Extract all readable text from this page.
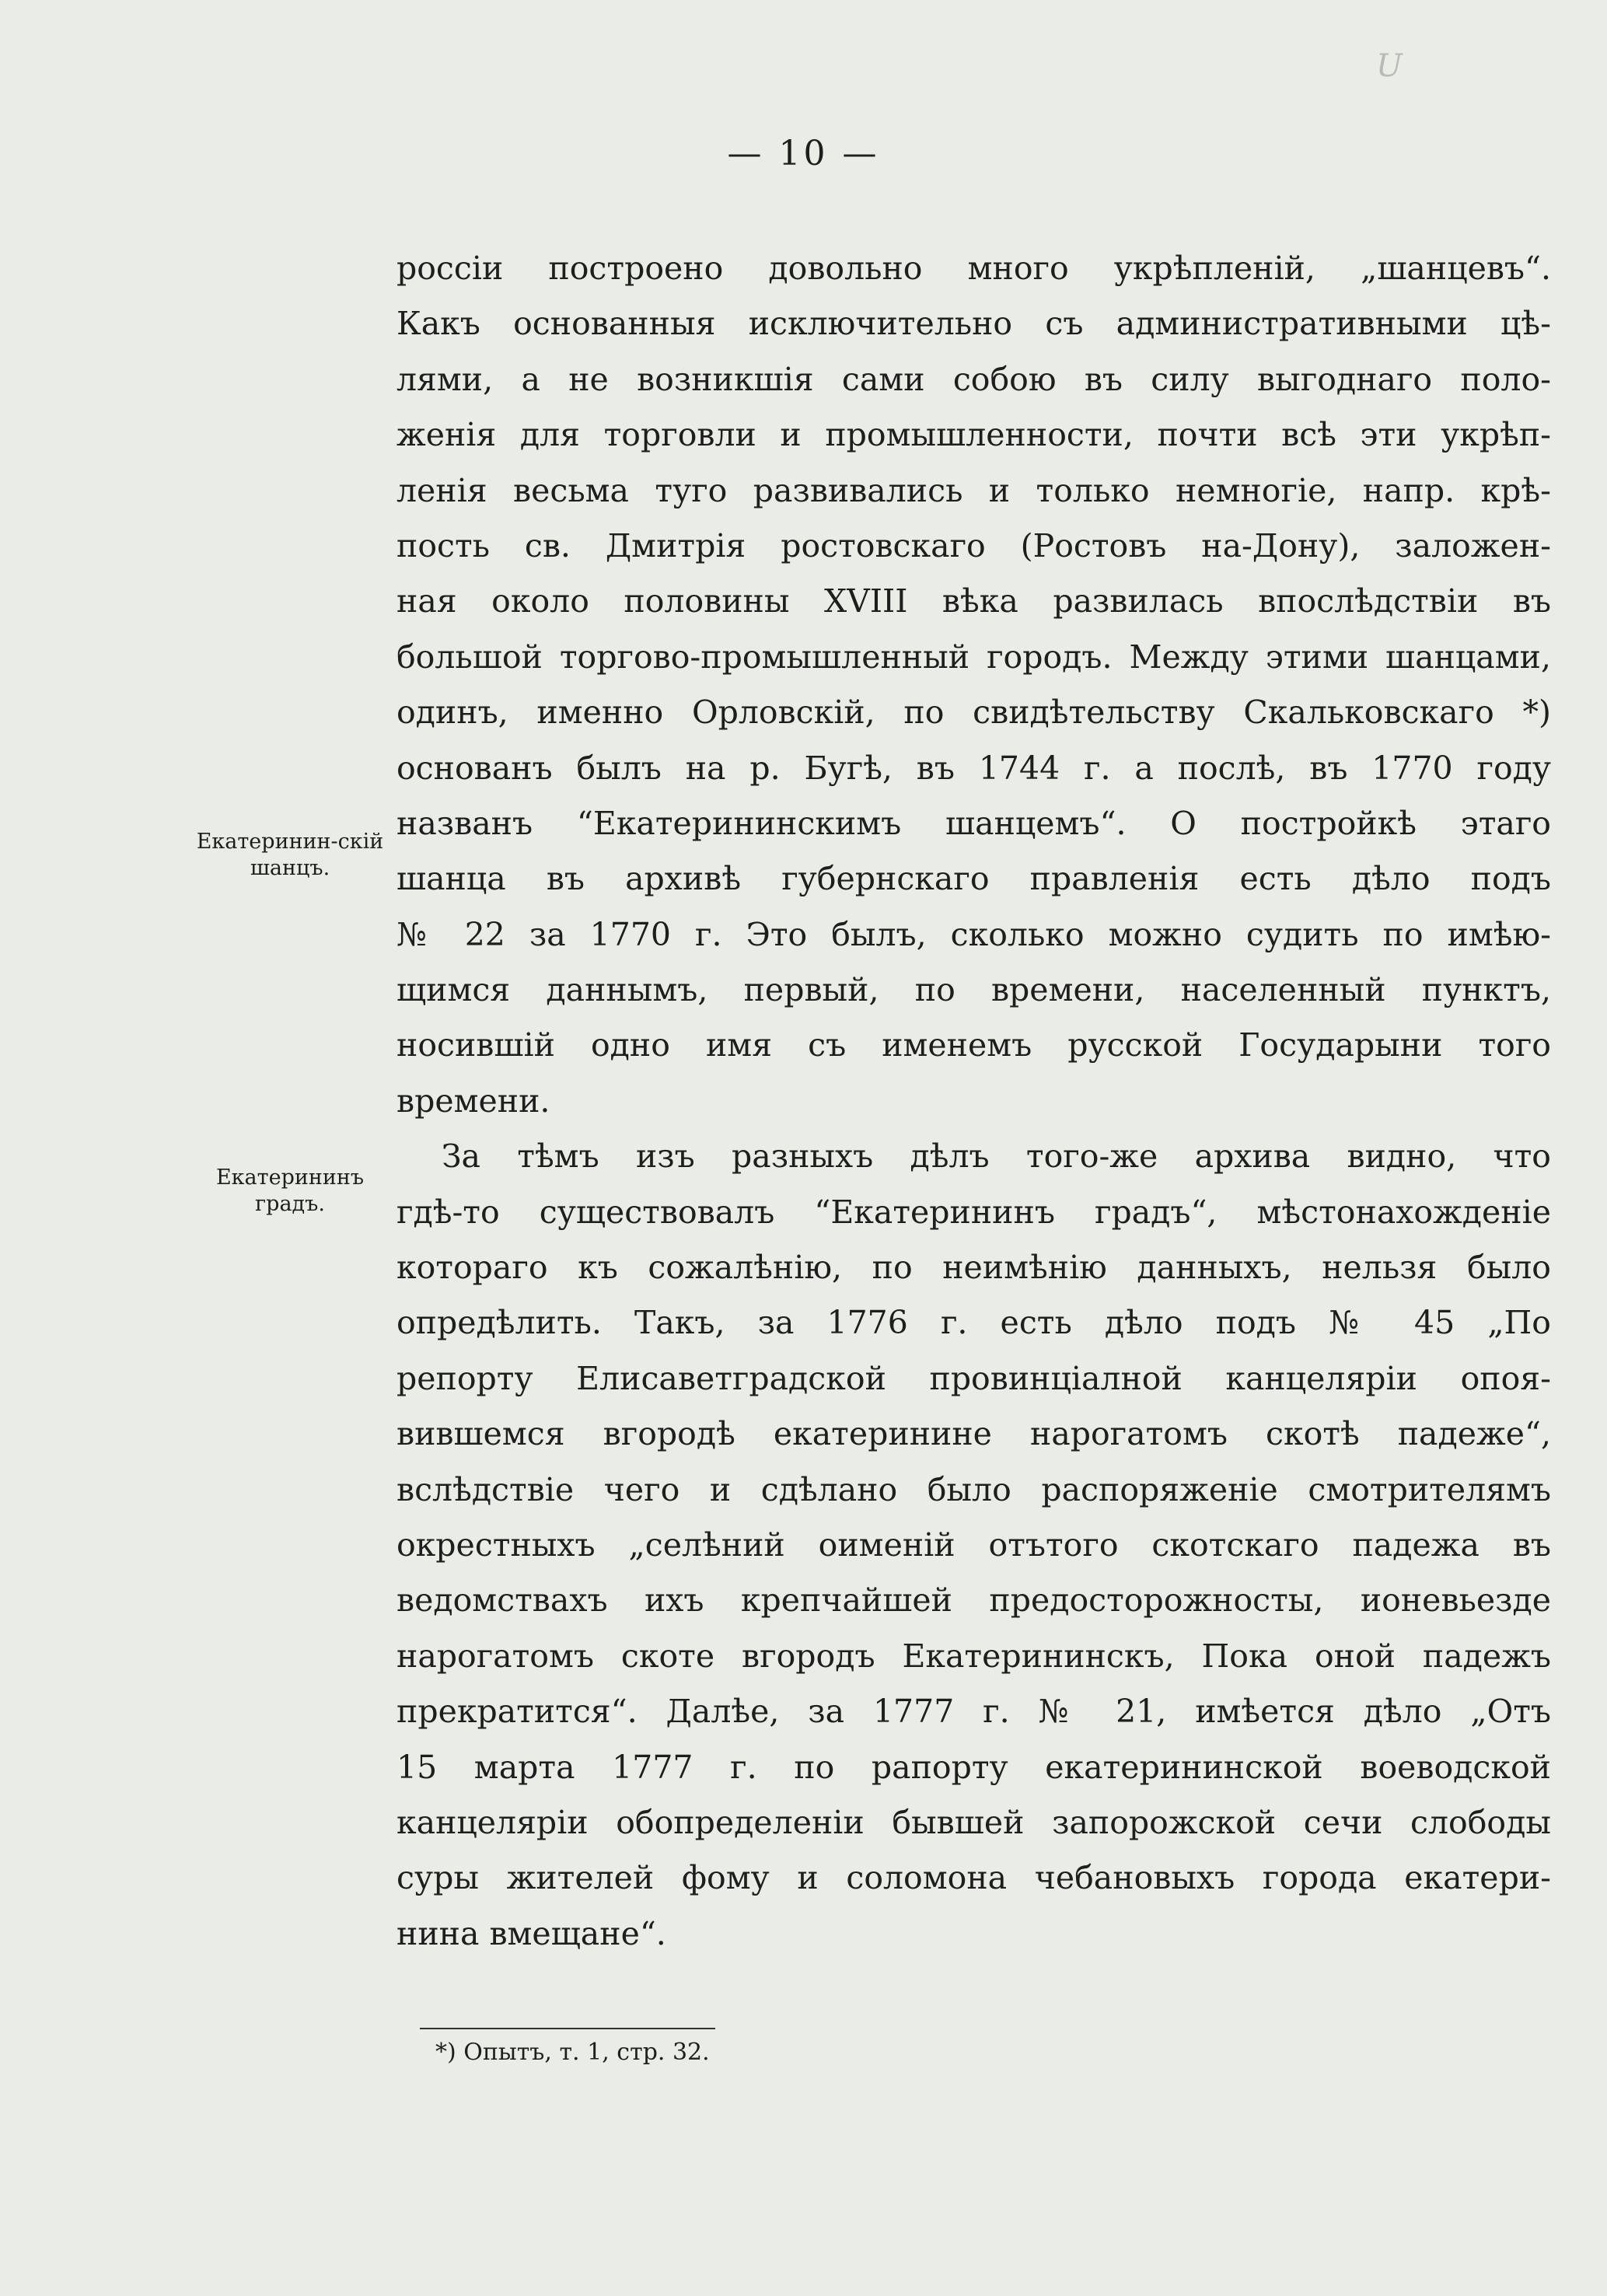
— 10 —
U
Екатеринин-скій шанцъ.
Екатерининъ градъ.
россіи построено довольно много укрѣпленій, „шанцевъ“.
Какъ основанныя исключительно съ административными цѣ-
лями, а не возникшія сами собою въ силу выгоднаго поло-
женія для торговли и промышленности, почти всѣ эти укрѣп-
ленія весьма туго развивались и только немногіе, напр. крѣ-
пость св. Дмитрія ростовскаго (Ростовъ на-Дону), заложен-
ная около половины XVIII вѣка развилась впослѣдствіи въ
большой торгово-промышленный городъ. Между этими шанцами,
одинъ, именно Орловскій, по свидѣтельству Скальковскаго *)
основанъ былъ на р. Бугѣ, въ 1744 г. а послѣ, въ 1770 году
названъ “Екатерининскимъ шанцемъ“. О постройкѣ этаго
шанца въ архивѣ губернскаго правленія есть дѣло подъ
№ 22 за 1770 г. Это былъ, сколько можно судить по имѣю-
щимся даннымъ, первый, по времени, населенный пунктъ,
носившій одно имя съ именемъ русской Государыни того
времени.
За тѣмъ изъ разныхъ дѣлъ того-же архива видно, что
гдѣ-то существовалъ “Екатерининъ градъ“, мѣстонахожденіе
котораго къ сожалѣнію, по неимѣнію данныхъ, нельзя было
опредѣлить. Такъ, за 1776 г. есть дѣло подъ № 45 „По
репорту Елисаветградской провинціалной канцеляріи опоя-
вившемся вгородѣ екатеринине нарогатомъ скотѣ падеже“,
вслѣдствіе чего и сдѣлано было распоряженіе смотрителямъ
окрестныхъ „селѣний оименій отътого скотскаго падежа въ
ведомствахъ ихъ крепчайшей предосторожносты, ионевьезде
нарогатомъ скоте вгородъ Екатерининскъ, Пока оной падежъ
прекратится“. Далѣе, за 1777 г. № 21, имѣется дѣло „Отъ
15 марта 1777 г. по рапорту екатерининской воеводской
канцеляріи обопределеніи бывшей запорожской сечи слободы
суры жителей фому и соломона чебановыхъ города екатери-
нина вмещане“.
*) Опытъ, т. 1, стр. 32.
